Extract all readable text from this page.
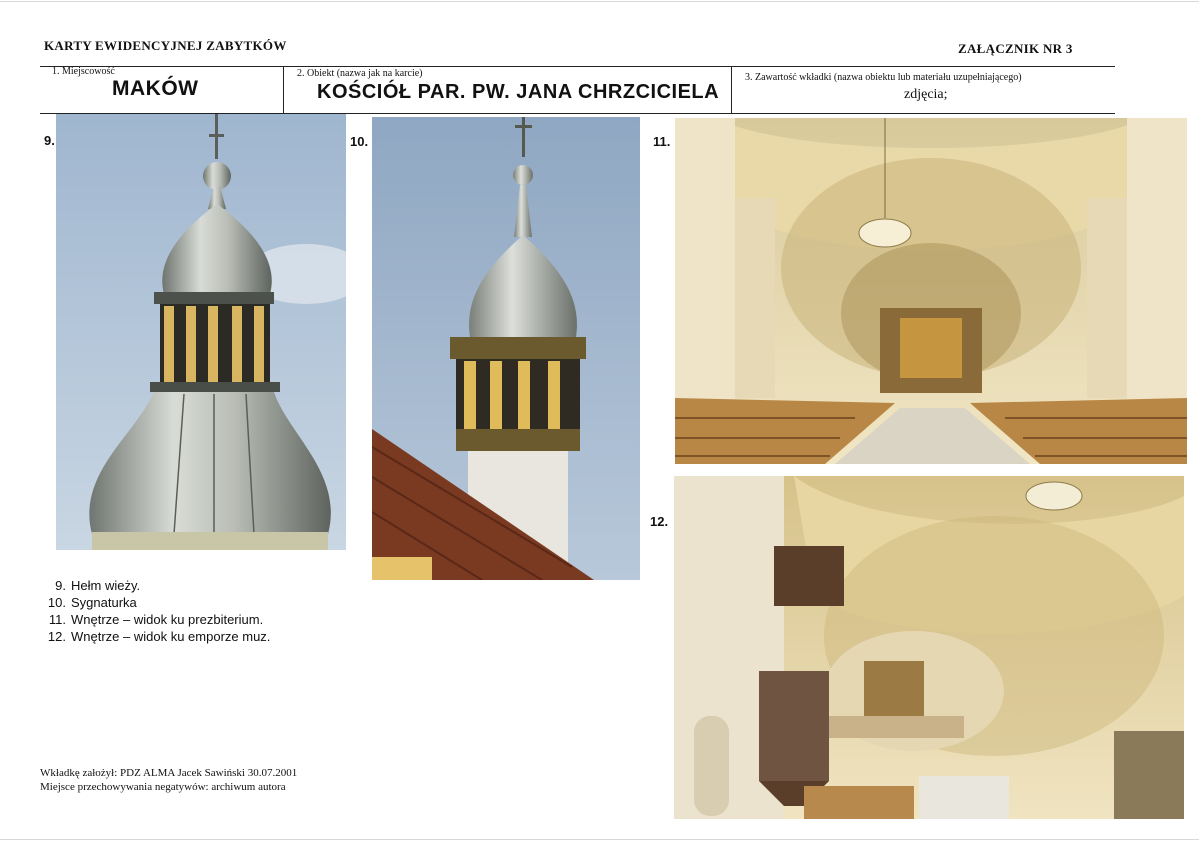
KARTY EWIDENCYJNEJ ZABYTKÓW	ZAŁĄCZNIK NR 3
1. Miejscowość
MAKÓW
2. Obiekt (nazwa jak na karcie)
KOŚCIÓŁ PAR. PW. JANA CHRZCICIELA
3. Zawartość wkładki (nazwa obiektu lub materiału uzupełniającego)
zdjęcia;
9.	10.	11.
12.
9. Hełm wieży.
10. Sygnaturka
11. Wnętrze – widok ku prezbiterium.
12. Wnętrze – widok ku emporze muz.
Wkładkę założył: PDZ ALMA Jacek Sawiński 30.07.2001
Miejsce przechowywania negatywów: archiwum autora
